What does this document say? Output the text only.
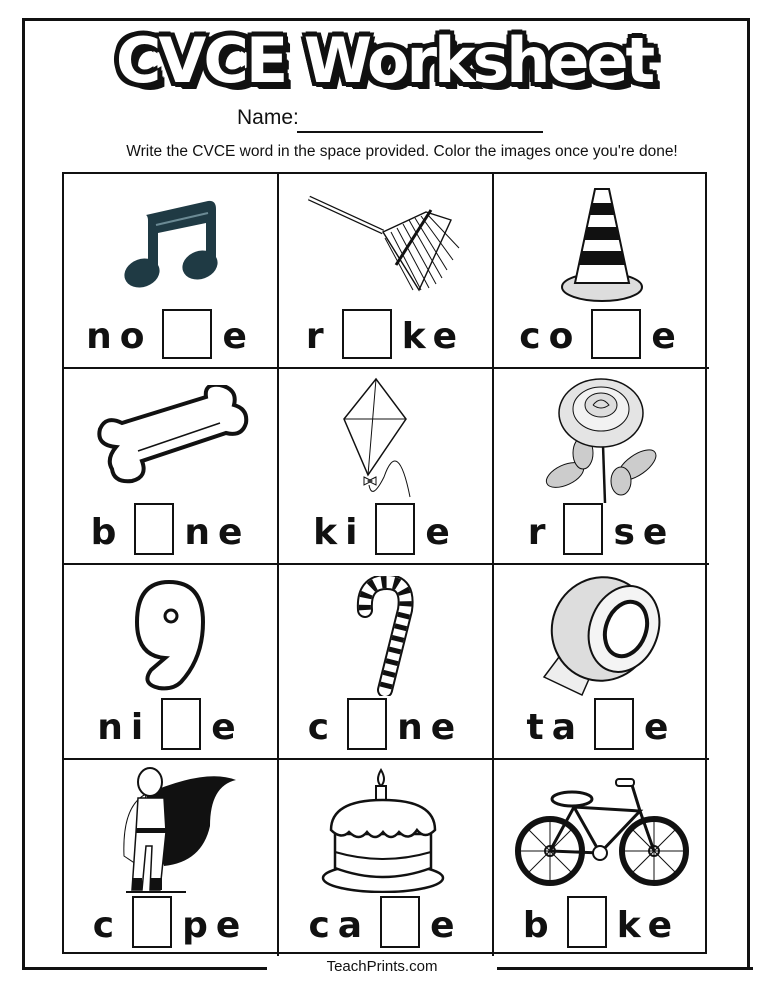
TeachPrints.com
CVCE Worksheet
Name:
Write the CVCE word in the space provided. Color the images once you're done!
no e r ke co e
b ne ki e r se
ni e c ne ta e
c pe ca e b ke
